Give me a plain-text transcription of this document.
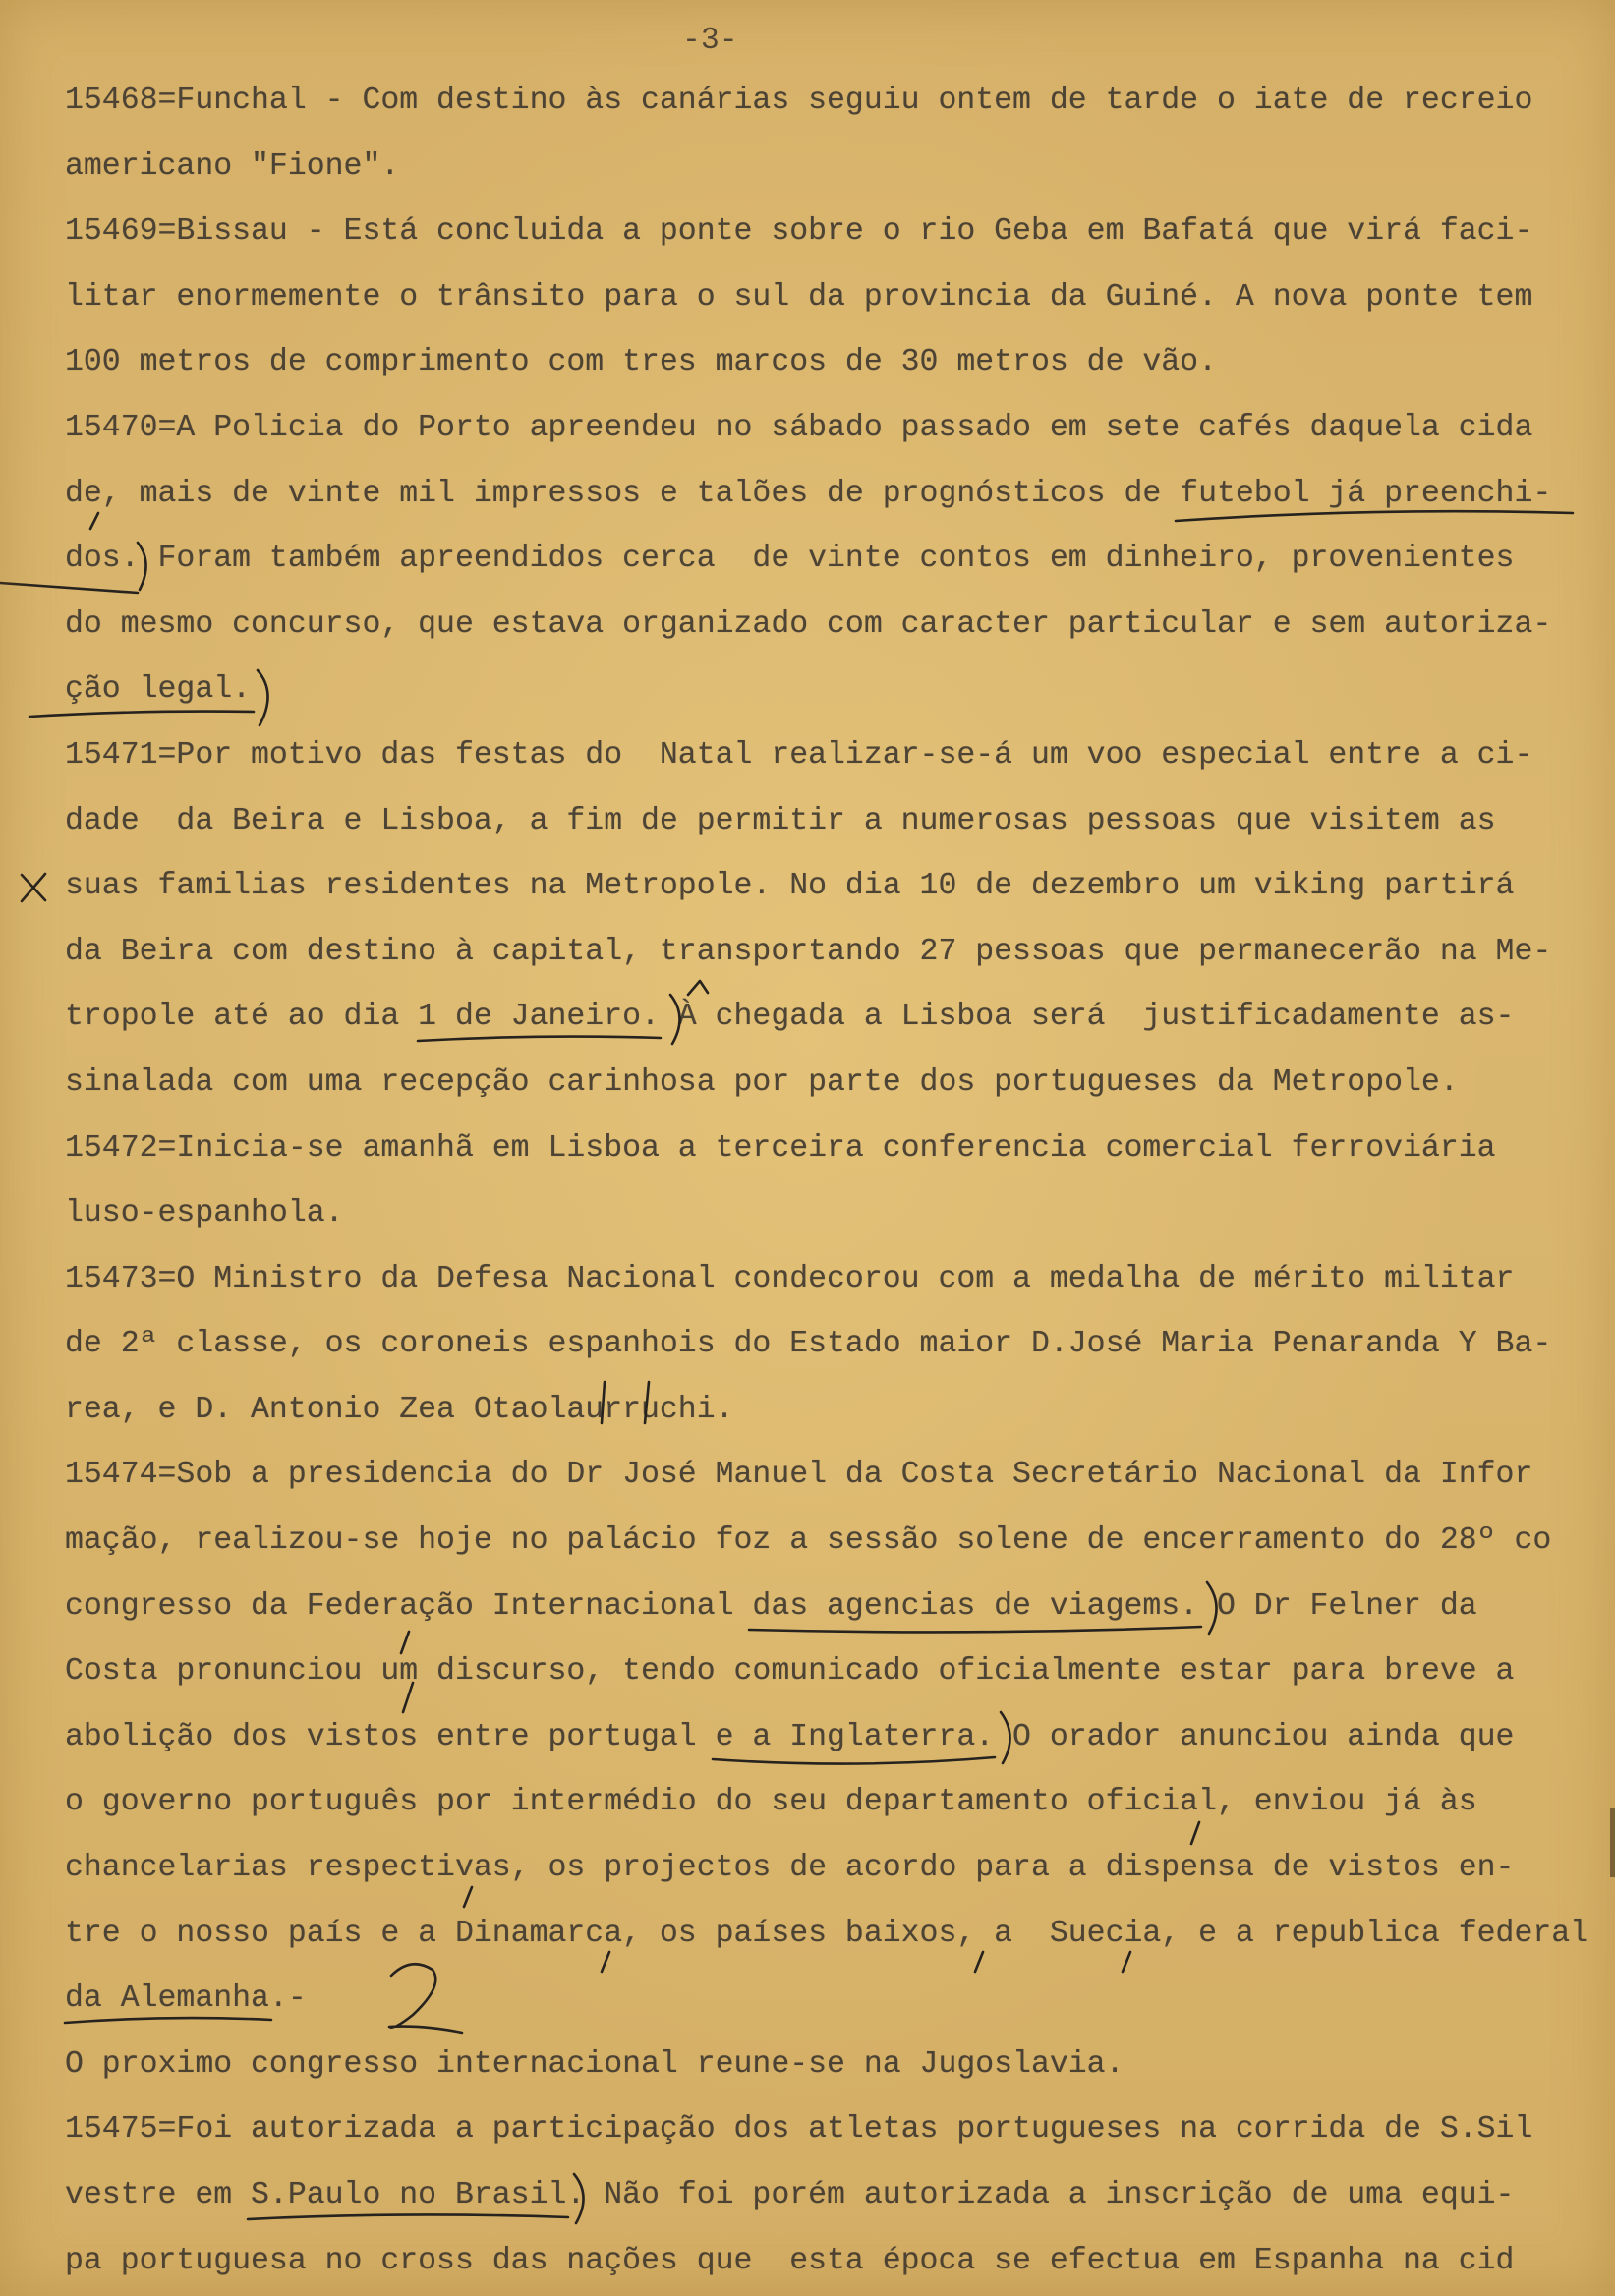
-3-
15468=Funchal - Com destino às canárias seguiu ontem de tarde o iate de recreio
americano "Fione".
15469=Bissau - Está concluida a ponte sobre o rio Geba em Bafatá que virá faci-
litar enormemente o trânsito para o sul da provincia da Guiné. A nova ponte tem
100 metros de comprimento com tres marcos de 30 metros de vão.
15470=A Policia do Porto apreendeu no sábado passado em sete cafés daquela cida
de, mais de vinte mil impressos e talões de prognósticos de futebol já preenchi-
dos. Foram também apreendidos cerca  de vinte contos em dinheiro, provenientes
do mesmo concurso, que estava organizado com caracter particular e sem autoriza-
ção legal.
15471=Por motivo das festas do  Natal realizar-se-á um voo especial entre a ci-
dade  da Beira e Lisboa, a fim de permitir a numerosas pessoas que visitem as
suas familias residentes na Metropole. No dia 10 de dezembro um viking partirá
da Beira com destino à capital, transportando 27 pessoas que permanecerão na Me-
tropole até ao dia 1 de Janeiro. À chegada a Lisboa será  justificadamente as-
sinalada com uma recepção carinhosa por parte dos portugueses da Metropole.
15472=Inicia-se amanhã em Lisboa a terceira conferencia comercial ferroviária
luso-espanhola.
15473=O Ministro da Defesa Nacional condecorou com a medalha de mérito militar
de 2ª classe, os coroneis espanhois do Estado maior D.José Maria Penaranda Y Ba-
rea, e D. Antonio Zea Otaolaurruchi.
15474=Sob a presidencia do Dr José Manuel da Costa Secretário Nacional da Infor
mação, realizou-se hoje no palácio foz a sessão solene de encerramento do 28º co
congresso da Federação Internacional das agencias de viagems. O Dr Felner da
Costa pronunciou um discurso, tendo comunicado oficialmente estar para breve a
abolição dos vistos entre portugal e a Inglaterra. O orador anunciou ainda que
o governo português por intermédio do seu departamento oficial, enviou já às
chancelarias respectivas, os projectos de acordo para a dispensa de vistos en-
tre o nosso país e a Dinamarca, os países baixos, a  Suecia, e a republica federal
da Alemanha.-
O proximo congresso internacional reune-se na Jugoslavia.
15475=Foi autorizada a participação dos atletas portugueses na corrida de S.Sil
vestre em S.Paulo no Brasil. Não foi porém autorizada a inscrição de uma equi-
pa portuguesa no cross das nações que  esta época se efectua em Espanha na cid
